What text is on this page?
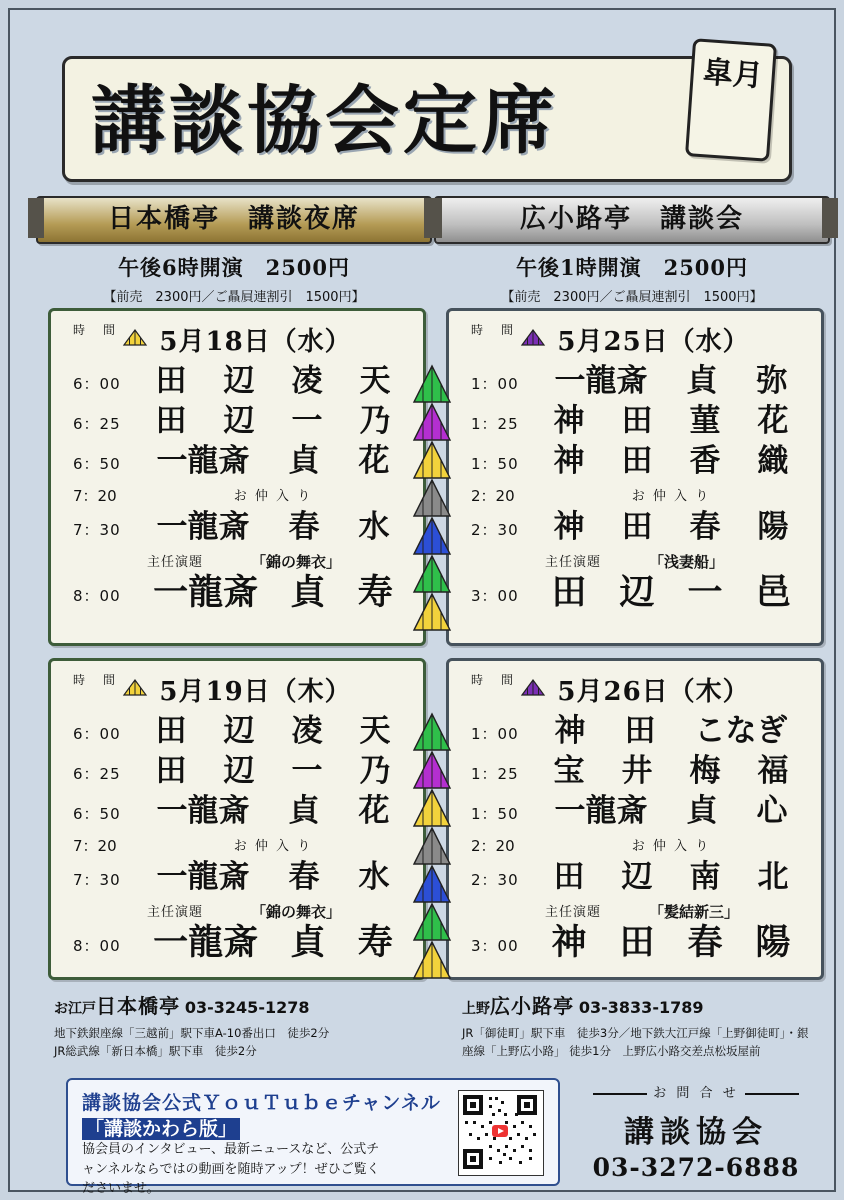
講談協会定席
皐月
日本橋亭　講談夜席
午後6時開演　2500円
【前売　2300円／ご贔屓連割引　1500円】
広小路亭　講談会
午後1時開演　2500円
【前売　2300円／ご贔屓連割引　1500円】
5月18日（水）
時　間
6：00	田 辺 凌 天
6：25	田 辺 一 乃
6：50	一龍斎 貞 花
7：20	お 仲 入 り
7：30	一龍斎 春 水
主任演題	「錦の舞衣」
8：00 一龍斎 貞 寿
5月19日（木）
時　間
6：00	田 辺 凌 天
6：25	田 辺 一 乃
6：50	一龍斎 貞 花
7：20	お 仲 入 り
7：30	一龍斎 春 水
主任演題	「錦の舞衣」
8：00 一龍斎 貞 寿
5月25日（水）
時　間
1：00	一龍斎 貞 弥
1：25	神 田 菫 花
1：50	神 田 香 織
2：20	お 仲 入 り
2：30	神 田 春 陽
主任演題	「浅妻船」
3：00 田 辺 一 邑
5月26日（木）
時　間
1：00	神 田 こなぎ
1：25	宝 井 梅 福
1：50	一龍斎 貞 心
2：20	お 仲 入 り
2：30	田 辺 南 北
主任演題	「髪結新三」
3：00 神 田 春 陽
お江戸日本橋亭 03-3245-1278
地下鉄銀座線「三越前」駅下車A-10番出口　徒歩2分
JR総武線「新日本橋」駅下車　徒歩2分
上野広小路亭 03-3833-1789
JR「御徒町」駅下車　徒歩3分／地下鉄大江戸線「上野御徒町」・銀
座線「上野広小路」 徒歩1分　上野広小路交差点松坂屋前
講談協会公式ＹｏｕＴｕｂｅチャンネル
「講談かわら版」
協会員のインタビュー、最新ニュースなど、公式チャンネルならではの動画を随時アップ！ぜひご覧くださいませ。
お 問 合 せ
講談協会
03-3272-6888
